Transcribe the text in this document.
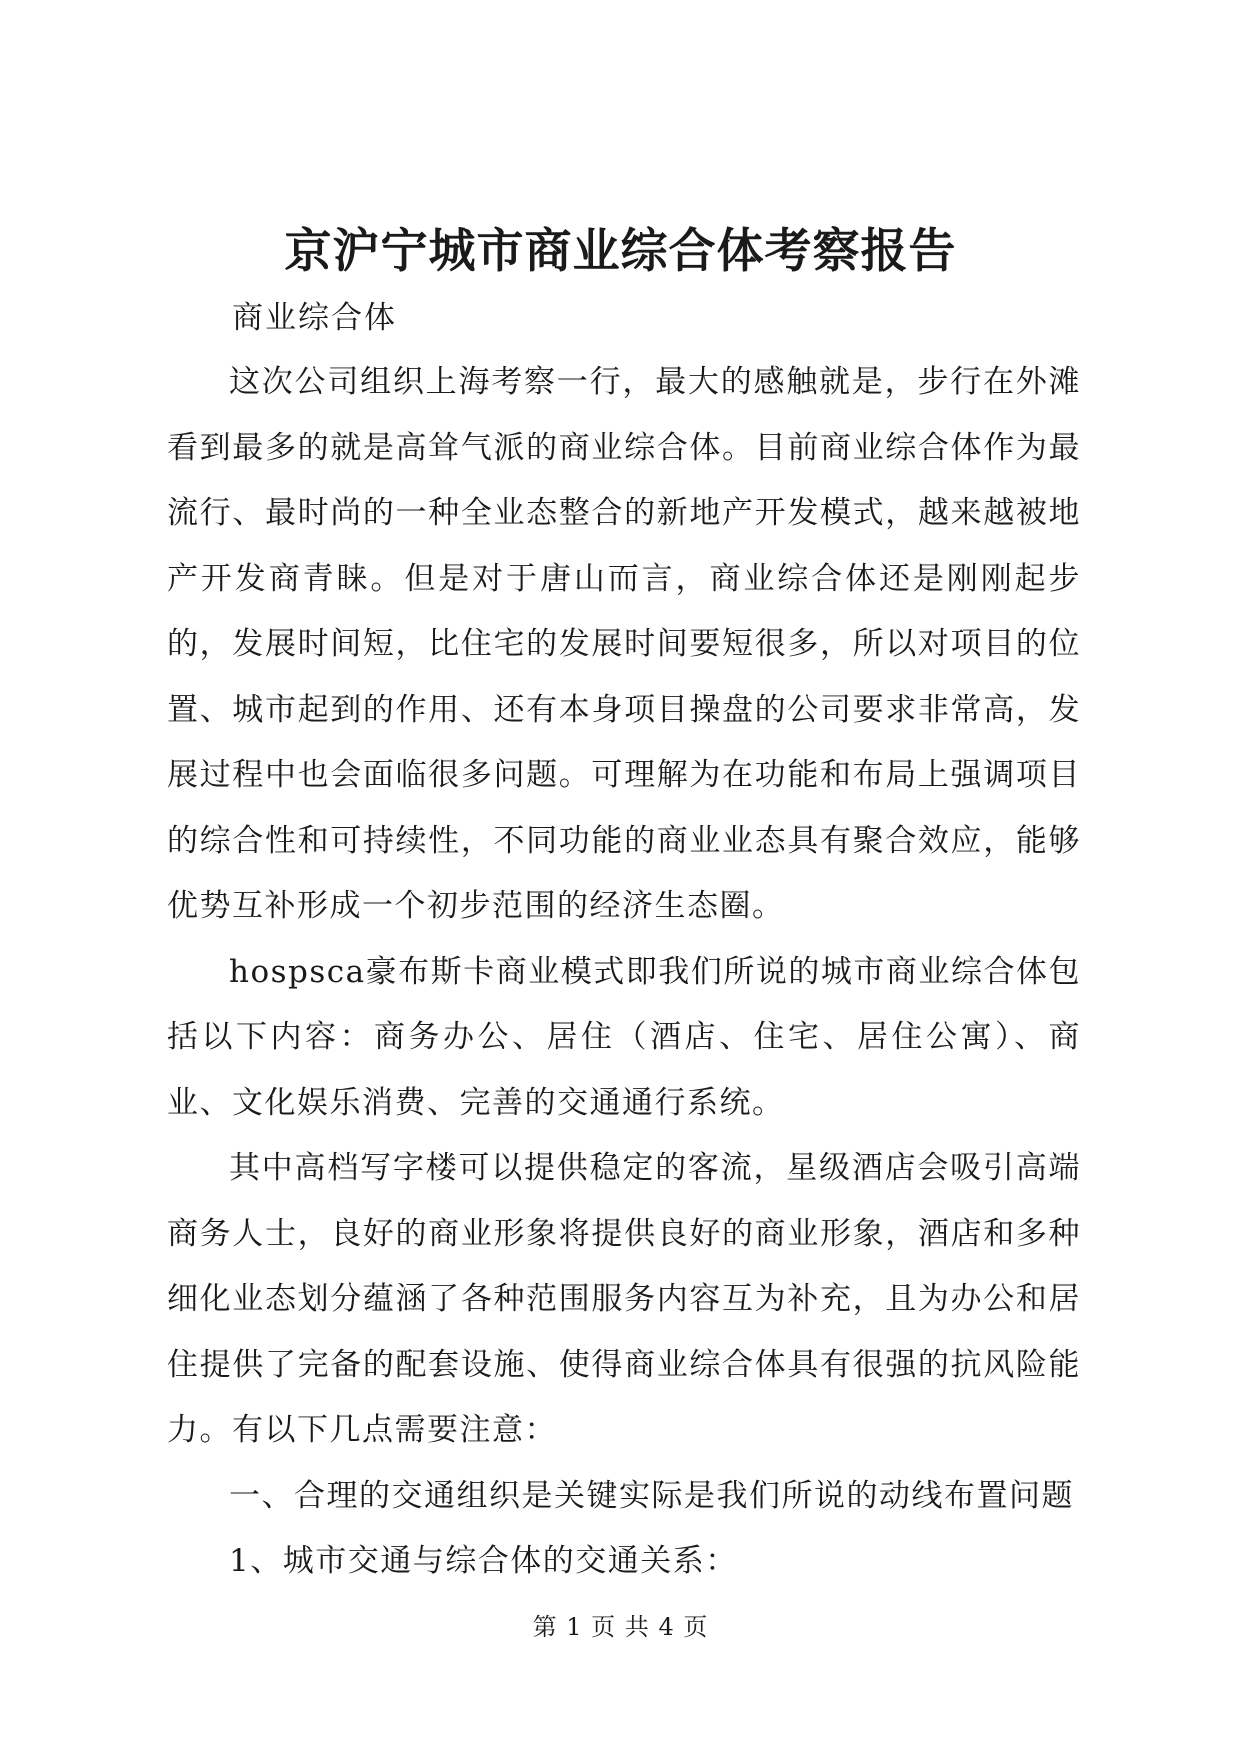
京沪宁城市商业综合体考察报告

商业综合体

这次公司组织上海考察一行，最大的感触就是，步行在外滩看到最多的就是高耸气派的商业综合体。目前商业综合体作为最流行、最时尚的一种全业态整合的新地产开发模式，越来越被地产开发商青睐。但是对于唐山而言，商业综合体还是刚刚起步的，发展时间短，比住宅的发展时间要短很多，所以对项目的位置、城市起到的作用、还有本身项目操盘的公司要求非常高，发展过程中也会面临很多问题。可理解为在功能和布局上强调项目的综合性和可持续性，不同功能的商业业态具有聚合效应，能够优势互补形成一个初步范围的经济生态圈。

hospsca豪布斯卡商业模式即我们所说的城市商业综合体包括以下内容：商务办公、居住（酒店、住宅、居住公寓）、商业、文化娱乐消费、完善的交通通行系统。

其中高档写字楼可以提供稳定的客流，星级酒店会吸引高端商务人士，良好的商业形象将提供良好的商业形象，酒店和多种细化业态划分蕴涵了各种范围服务内容互为补充，且为办公和居住提供了完备的配套设施、使得商业综合体具有很强的抗风险能力。有以下几点需要注意：

一、合理的交通组织是关键实际是我们所说的动线布置问题

1、城市交通与综合体的交通关系：

第 1 页 共 4 页
